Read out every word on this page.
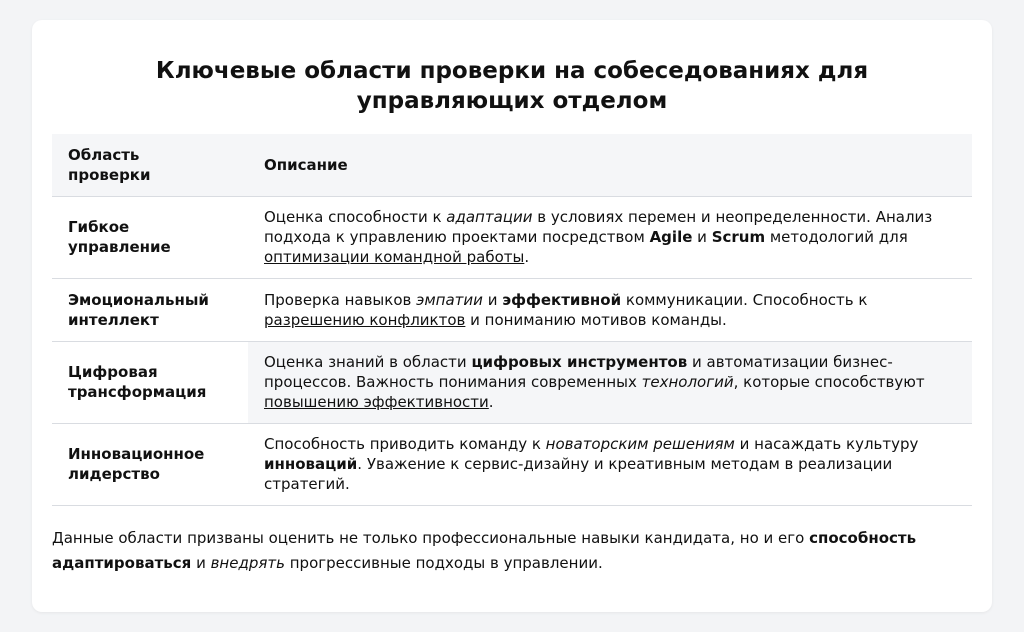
Ключевые области проверки на собеседованиях для
управляющих отделом
Область
проверки	Описание

Гибкое
управление	Оценка способности к адаптации в условиях перемен и неопределенности. Анализ подхода к управлению проектами посредством Agile и Scrum методологий для оптимизации командной работы.

Эмоциональный
интеллект	Проверка навыков эмпатии и эффективной коммуникации. Способность к разрешению конфликтов и пониманию мотивов команды.

Цифровая
трансформация	Оценка знаний в области цифровых инструментов и автоматизации бизнес-процессов. Важность понимания современных технологий, которые способствуют повышению эффективности.

Инновационное
лидерство	Способность приводить команду к новаторским решениям и насаждать культуру инноваций. Уважение к сервис-дизайну и креативным методам в реализации стратегий.
Данные области призваны оценить не только профессиональные навыки кандидата, но и его способность адаптироваться и внедрять прогрессивные подходы в управлении.
